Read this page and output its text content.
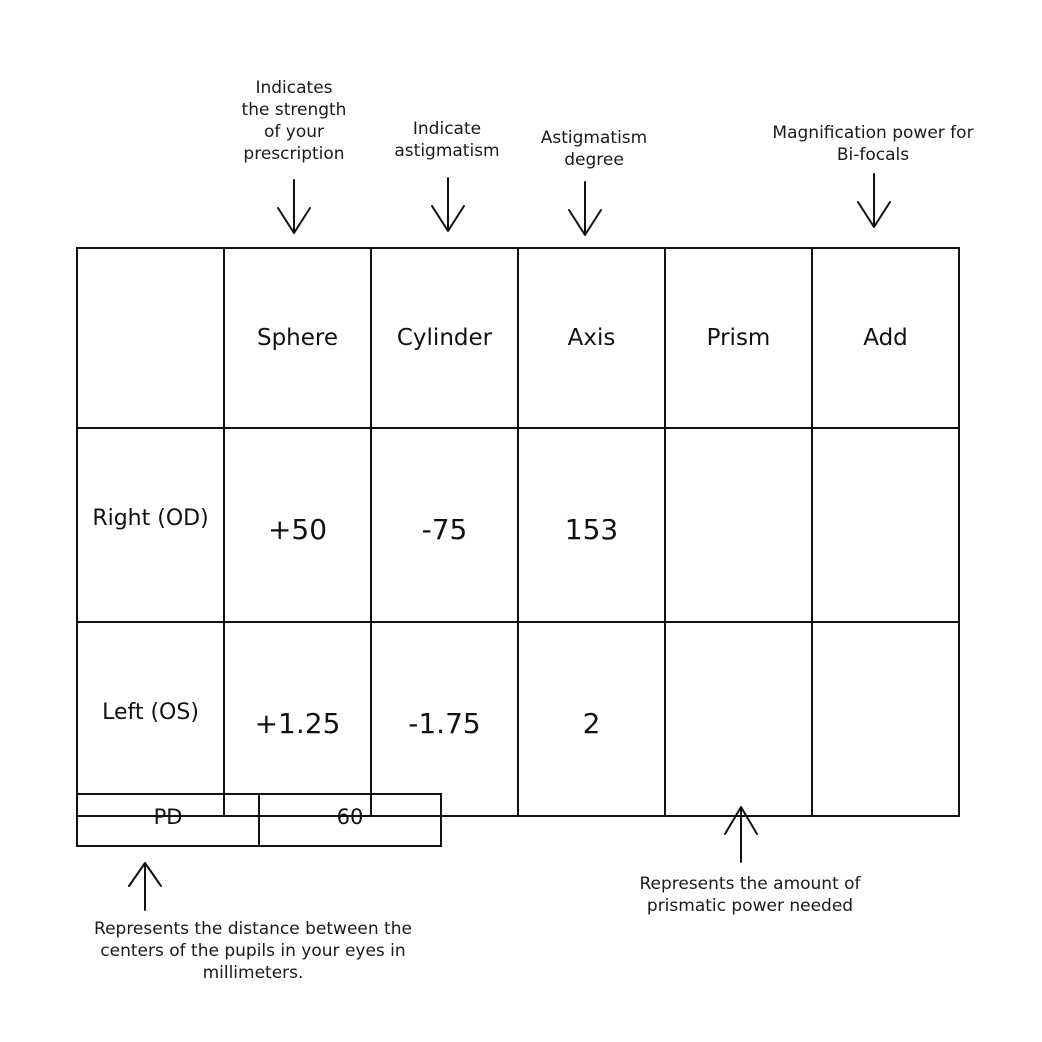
Indicates
the strength
of your
prescription
Indicate
astigmatism
Astigmatism
degree
Magnification power for
Bi-focals
	Sphere	Cylinder	Axis	Prism	Add
Right (OD)	+50	-75	153		
Left (OS)	+1.25	-1.75	2		
PD	60
Represents the distance between the
centers of the pupils in your eyes in
millimeters.
Represents the amount of
prismatic power needed
